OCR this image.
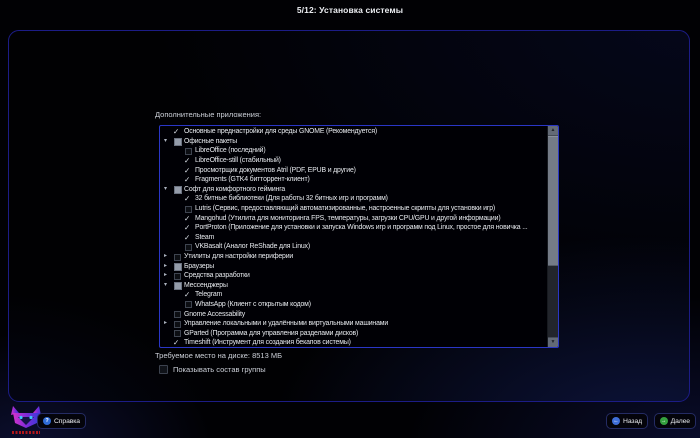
5/12: Установка системы
Дополнительные приложения:
✓ Основные преднастройки для среды GNOME (Рекомендуется)
▾	Офисные пакеты
LibreOffice (последний)
✓ LibreOffice-still (стабильный)
✓ Просмотрщик документов Atril (PDF, EPUB и другие)
✓ Fragments (GTK4 битторрент-клиент)
▾	Софт для комфортного гейминга
✓ 32 битные библиотеки (Для работы 32 битных игр и программ)
Lutris (Сервис, предоставляющий автоматизированные, настроенные скрипты для установки игр)
✓ Mangohud (Утилита для мониторинга FPS, температуры, загрузки CPU/GPU и другой информации)
✓ PortProton (Приложение для установки и запуска Windows игр и программ под Linux, простое для новичка ...
✓ Steam
VKBasalt (Аналог ReShade для Linux)
▸	Утилиты для настройки периферии
▸	Браузеры
▸	Средства разработки
▾	Мессенджеры
✓ Telegram
WhatsApp (Клиент с открытым кодом)
Gnome Accessability
▸	Управление локальными и удалёнными виртуальными машинами
GParted (Программа для управления разделами дисков)
✓ Timeshift (Инструмент для создания бекапов системы)
▲
▼
Требуемое место на диске: 8513 МБ
Показывать состав группы
? Справка	← Назад	→ Далее
